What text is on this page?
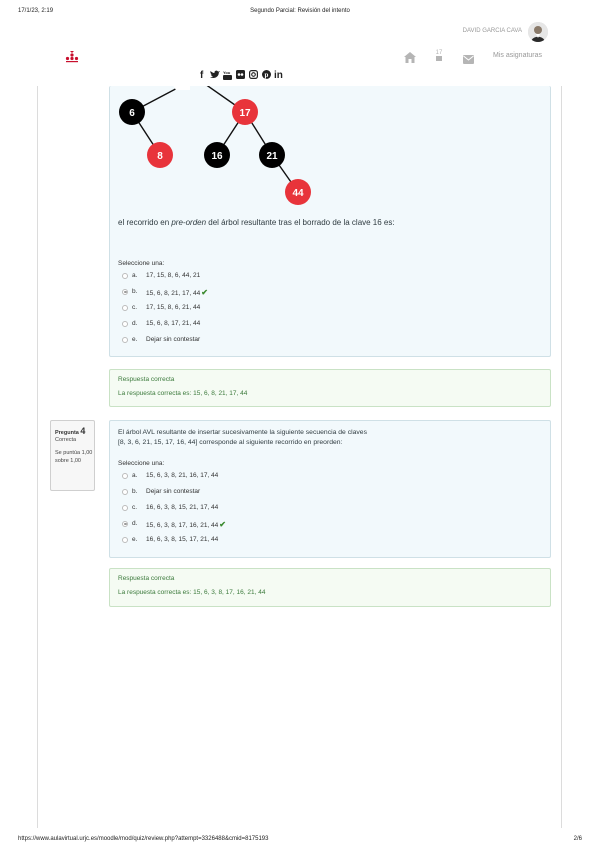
17/1/23, 2:19	Segundo Parcial: Revisión del intento
DAVID GARCIA CAVA
17	Mis asignaturas
f	You	p in
6	17
8	16	21
44
el recorrido en pre-orden del árbol resultante tras el borrado de la clave 16 es:
Seleccione una:
a. 17, 15, 8, 6, 44, 21
b. 15, 6, 8, 21, 17, 44✔
c. 17, 15, 8, 6, 21, 44
d. 15, 6, 8, 17, 21, 44
e. Dejar sin contestar
Respuesta correcta
La respuesta correcta es: 15, 6, 8, 21, 17, 44
Pregunta 4
Correcta
Se puntúa 1,00
sobre 1,00
El árbol AVL resultante de insertar sucesivamente la siguiente secuencia de claves
[8, 3, 6, 21, 15, 17, 16, 44] corresponde al siguiente recorrido en preorden:
Seleccione una:
a. 15, 6, 3, 8, 21, 16, 17, 44
b. Dejar sin contestar
c. 16, 6, 3, 8, 15, 21, 17, 44
d. 15, 6, 3, 8, 17, 16, 21, 44✔
e. 16, 6, 3, 8, 15, 17, 21, 44
Respuesta correcta
La respuesta correcta es: 15, 6, 3, 8, 17, 16, 21, 44
https://www.aulavirtual.urjc.es/moodle/mod/quiz/review.php?attempt=3326488&cmid=8175193	2/6
